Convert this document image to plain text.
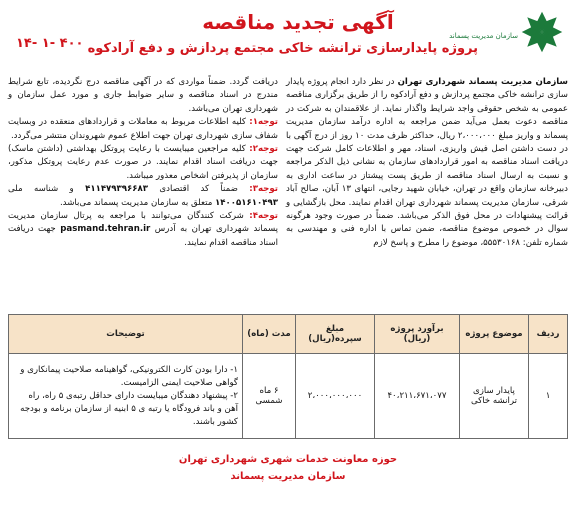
سازمان مدیریت پسماند
آگهی تجدید مناقصه
پروژه پایدارسازی ترانشه خاکی مجتمع پردازش و دفع آرادکوه
۱۴- ۱- ۴۰۰

سازمان مدیریت پسماند شهرداری تهران در نظر دارد انجام پروژه پایدار سازی ترانشه خاکی مجتمع پردازش و دفع آرادکوه را از طریق برگزاری مناقصه عمومی به شخص حقوقی واجد شرایط واگذار نماید. از علاقمندان به شرکت در مناقصه دعوت بعمل می‌آید ضمن مراجعه به اداره درآمد سازمان مدیریت پسماند و واریز مبلغ ۲،۰۰۰،۰۰۰ ریال، حداکثر ظرف مدت ۱۰ روز از درج آگهی با در دست داشتن اصل فیش واریزی، اسناد، مهر و اطلاعات کامل شرکت جهت دریافت اسناد مناقصه به امور قراردادهای سازمان به نشانی ذیل الذکر مراجعه و نسبت به ارسال اسناد مناقصه از طریق پست پیشتاز در ساعت اداری به دبیرخانه سازمان واقع در تهران، خیابان شهید رجایی، انتهای ۱۳ آبان، صالح آباد شرقی، سازمان مدیریت پسماند شهرداری تهران اقدام نمایند. محل بازگشایی و قرائت پیشنهادات در محل فوق الذکر می‌باشد. ضمناً در صورت وجود هرگونه سوال در خصوص موضوع مناقصه، ضمن تماس با اداره فنی و مهندسی به شماره تلفن: ۵۵۵۳۰۱۶۸، موضوع را مطرح و پاسخ لازم

دریافت گردد. ضمناً مواردی که در آگهی مناقصه درج نگردیده، تابع شرایط مندرج در اسناد مناقصه و سایر ضوابط جاری و مورد عمل سازمان و شهرداری تهران می‌باشد.

توجه۱: کلیه اطلاعات مربوط به معاملات و قراردادهای منعقده در وبسایت شفاف سازی شهرداری تهران جهت اطلاع عموم شهروندان منتشر می‌گردد.

توجه۲: کلیه مراجعین میبایست با رعایت پروتکل بهداشتی (داشتن ماسک) جهت دریافت اسناد اقدام نمایند. در صورت عدم رعایت پروتکل مذکور، سازمان از پذیرفتن اشخاص معذور میباشد.

توجه۳: ضمناً کد اقتصادی ۴۱۱۴۷۹۳۹۶۶۸۳ و شناسه ملی ۱۴۰۰۵۱۶۱۰۴۹۳ متعلق به سازمان مدیریت پسماند می‌باشد.

توجه۴: شرکت کنندگان می‌توانند با مراجعه به پرتال سازمان مدیریت پسماند شهرداری تهران به آدرس pasmand.tehran.ir جهت دریافت اسناد مناقصه اقدام نمایند.

ردیف	موضوع پروژه	برآورد پروژه (ریال)	مبلغ سپرده(ریال)	مدت (ماه)	توضیحات
۱	پایدار سازی ترانشه خاکی	۴۰،۲۱۱،۶۷۱،۰۷۷	۲،۰۰۰،۰۰۰،۰۰۰	۶ ماه شمسی	۱- دارا بودن کارت الکترونیکی، گواهینامه صلاحیت پیمانکاری و گواهی صلاحیت ایمنی الزامیست.
۲- پیشنهاد دهندگان میبایست دارای حداقل رتبه‌ی ۵ راه، راه آهن و باند فرودگاه یا رتبه ی ۵ ابنیه از سازمان برنامه و بودجه کشور باشند.
حوزه معاونت خدمات شهری شهرداری تهران
سازمان مدیریت پسماند
